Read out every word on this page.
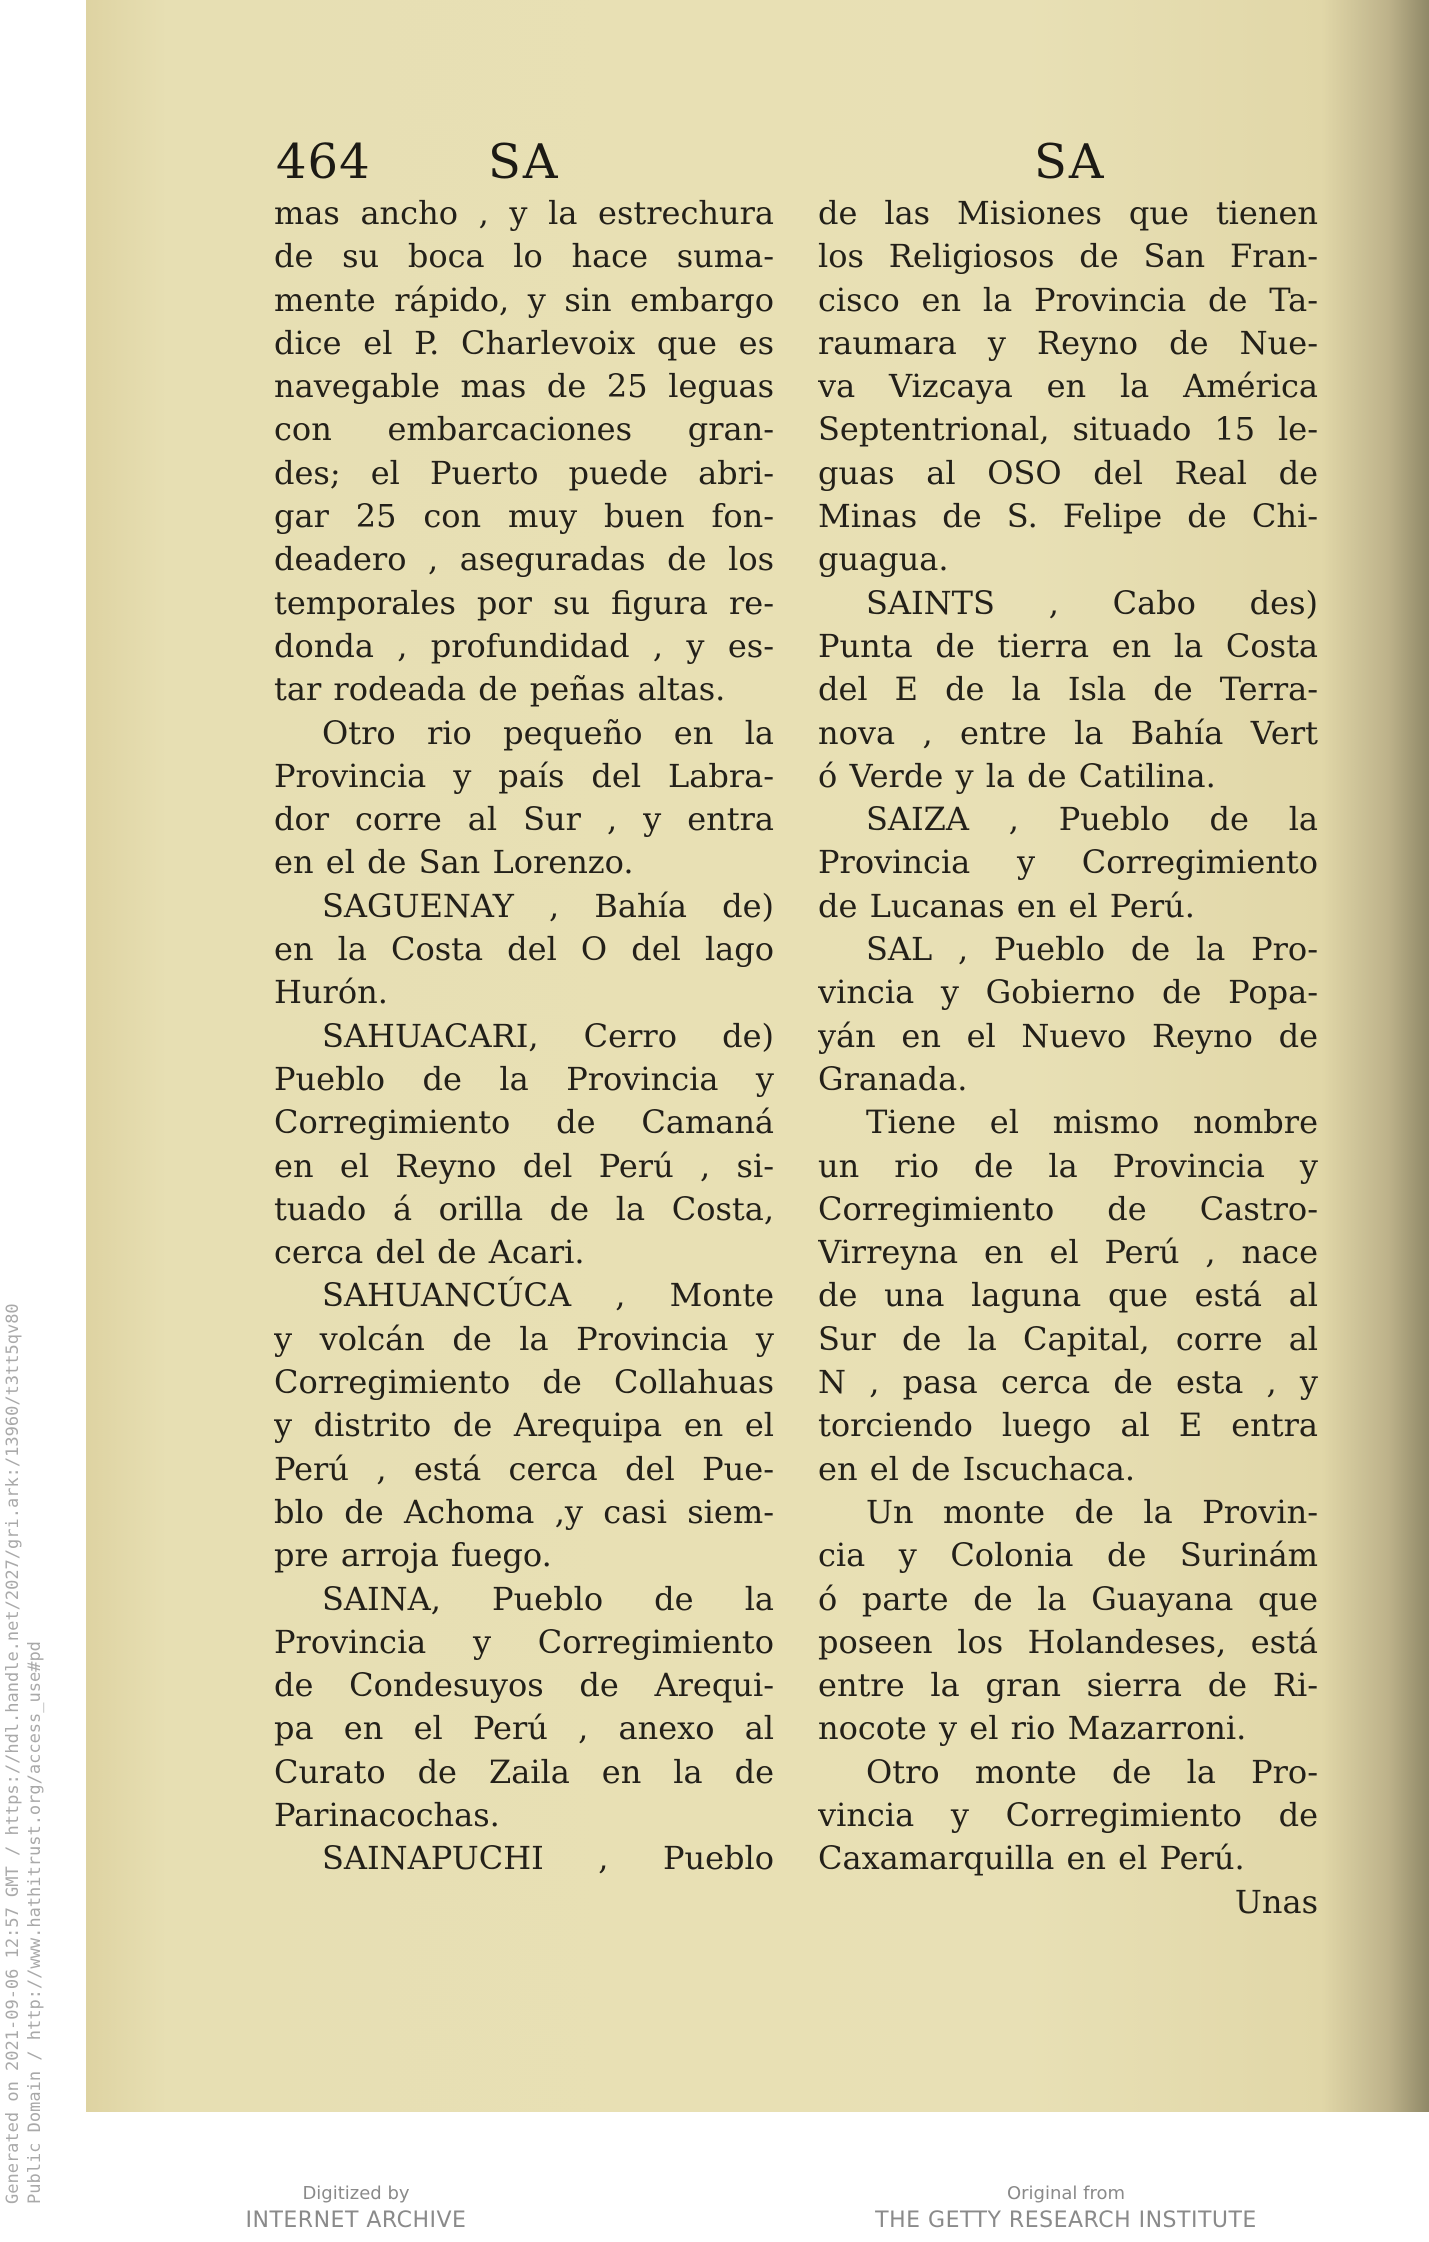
Generated on 2021-09-06 12:57 GMT / https://hdl.handle.net/2027/gri.ark:/13960/t3tt5qv80 Public Domain / http://www.hathitrust.org/access_use#pd
464 SA	SA
mas ancho , y la estrechura
de su boca lo hace suma-
mente rápido, y sin embargo
dice el P. Charlevoix que es
navegable mas de 25 leguas
con embarcaciones gran-
des; el Puerto puede abri-
gar 25 con muy buen fon-
deadero , aseguradas de los
temporales por su figura re-
donda , profundidad , y es-
tar rodeada de peñas altas.
Otro rio pequeño en la
Provincia y país del Labra-
dor corre al Sur , y entra
en el de San Lorenzo.
SAGUENAY , Bahía de)
en la Costa del O del lago
Hurón.
SAHUACARI, Cerro de)
Pueblo de la Provincia y
Corregimiento de Camaná
en el Reyno del Perú , si-
tuado á orilla de la Costa,
cerca del de Acari.
SAHUANCÚCA , Monte
y volcán de la Provincia y
Corregimiento de Collahuas
y distrito de Arequipa en el
Perú , está cerca del Pue-
blo de Achoma ,y casi siem-
pre arroja fuego.
SAINA, Pueblo de la
Provincia y Corregimiento
de Condesuyos de Arequi-
pa en el Perú , anexo al
Curato de Zaila en la de
Parinacochas.
SAINAPUCHI , Pueblo
de las Misiones que tienen
los Religiosos de San Fran-
cisco en la Provincia de Ta-
raumara y Reyno de Nue-
va Vizcaya en la América
Septentrional, situado 15 le-
guas al OSO del Real de
Minas de S. Felipe de Chi-
guagua.
SAINTS , Cabo des)
Punta de tierra en la Costa
del E de la Isla de Terra-
nova , entre la Bahía Vert
ó Verde y la de Catilina.
SAIZA , Pueblo de la
Provincia y Corregimiento
de Lucanas en el Perú.
SAL , Pueblo de la Pro-
vincia y Gobierno de Popa-
yán en el Nuevo Reyno de
Granada.
Tiene el mismo nombre
un rio de la Provincia y
Corregimiento de Castro-
Virreyna en el Perú , nace
de una laguna que está al
Sur de la Capital, corre al
N , pasa cerca de esta , y
torciendo luego al E entra
en el de Iscuchaca.
Un monte de la Provin-
cia y Colonia de Surinám
ó parte de la Guayana que
poseen los Holandeses, está
entre la gran sierra de Ri-
nocote y el rio Mazarroni.
Otro monte de la Pro-
vincia y Corregimiento de
Caxamarquilla en el Perú.
Unas
Digitized by
INTERNET ARCHIVE
Original from
THE GETTY RESEARCH INSTITUTE
